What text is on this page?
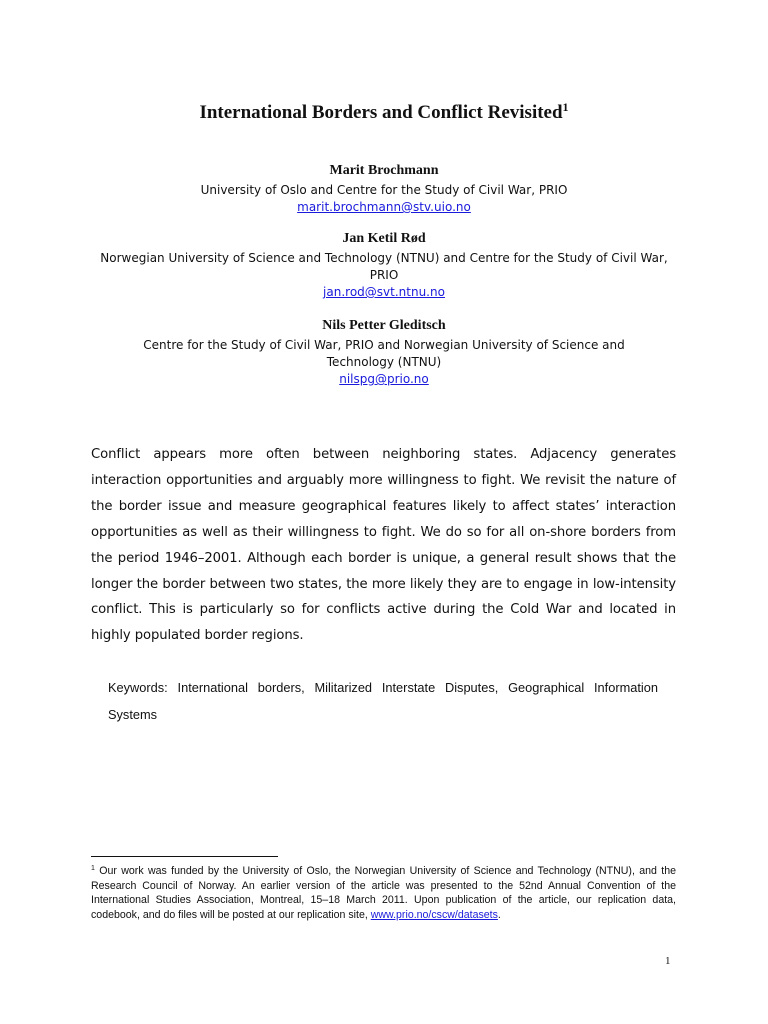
International Borders and Conflict Revisited$^1$
Marit Brochmann
University of Oslo and Centre for the Study of Civil War, PRIO
marit.brochmann@stv.uio.no
Jan Ketil Rød
Norwegian University of Science and Technology (NTNU) and Centre for the Study of Civil War, PRIO
jan.rod@svt.ntnu.no
Nils Petter Gleditsch
Centre for the Study of Civil War, PRIO and Norwegian University of Science and Technology (NTNU)
nilspg@prio.no
Conflict appears more often between neighboring states. Adjacency generates interaction opportunities and arguably more willingness to fight. We revisit the nature of the border issue and measure geographical features likely to affect states’ interaction opportunities as well as their willingness to fight. We do so for all on-shore borders from the period 1946–2001. Although each border is unique, a general result shows that the longer the border between two states, the more likely they are to engage in low-intensity conflict. This is particularly so for conflicts active during the Cold War and located in highly populated border regions.
Keywords: International borders, Militarized Interstate Disputes, Geographical Information Systems
$^1$ Our work was funded by the University of Oslo, the Norwegian University of Science and Technology (NTNU), and the Research Council of Norway. An earlier version of the article was presented to the 52nd Annual Convention of the International Studies Association, Montreal, 15–18 March 2011. Upon publication of the article, our replication data, codebook, and do files will be posted at our replication site, www.prio.no/cscw/datasets.
1
